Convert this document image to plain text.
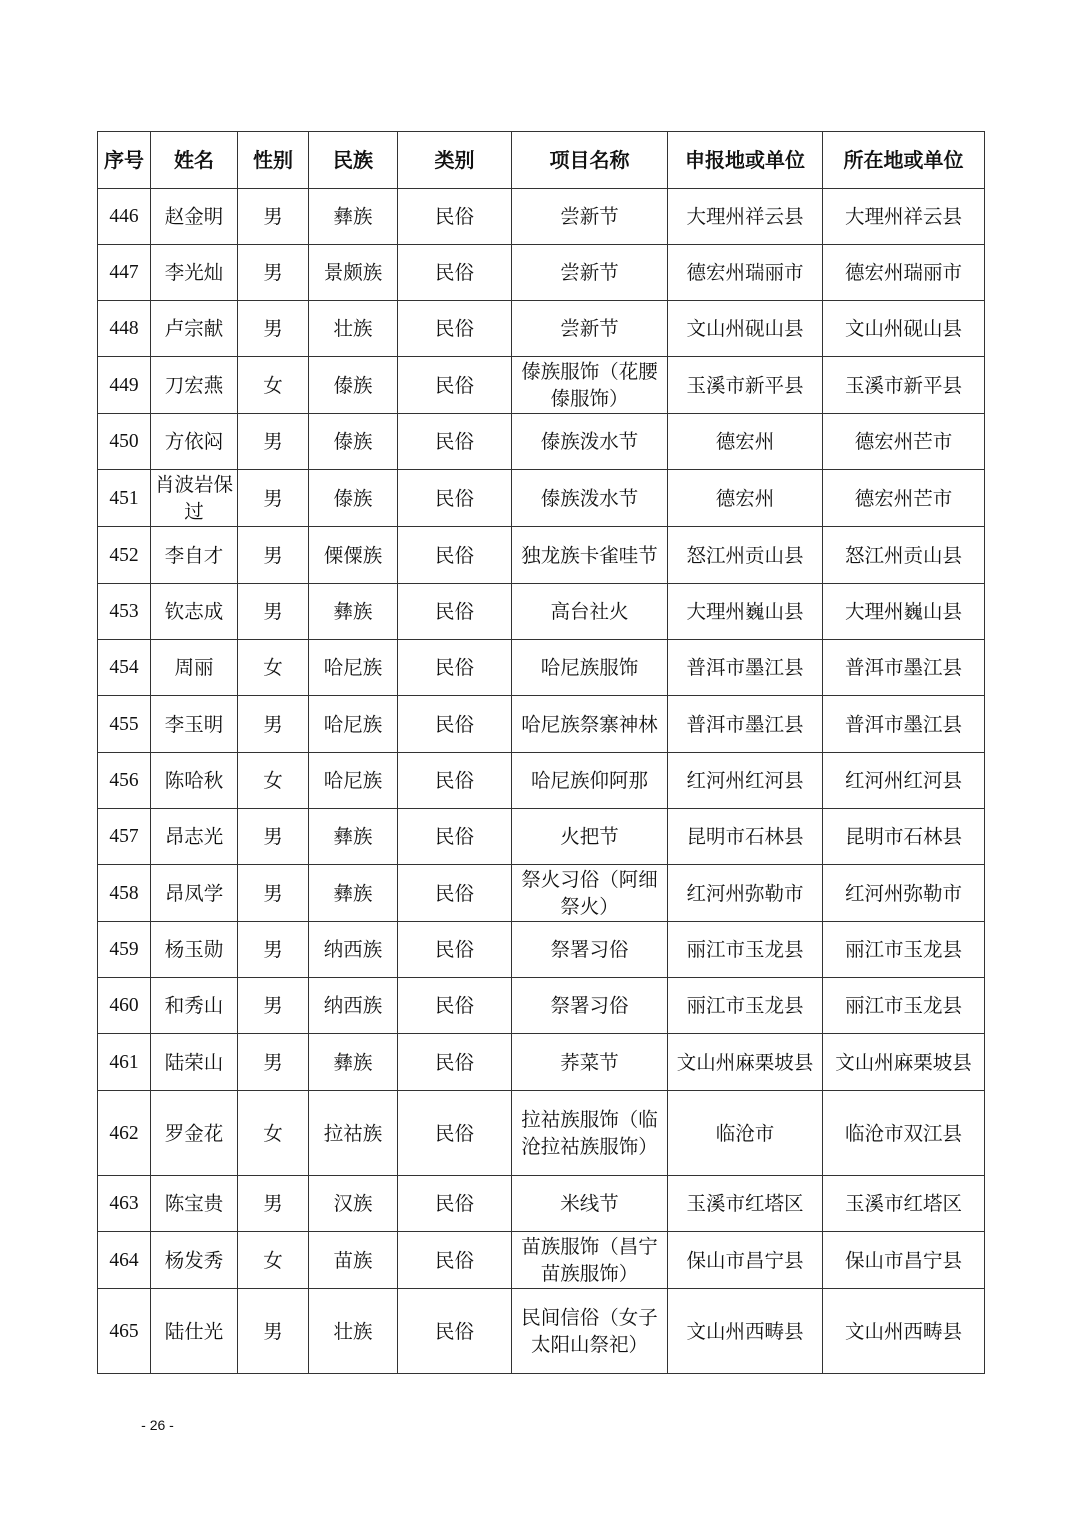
序号	姓名	性别	民族	类别	项目名称	申报地或单位	所在地或单位
446	赵金明	男	彝族	民俗	尝新节	大理州祥云县	大理州祥云县
447	李光灿	男	景颇族	民俗	尝新节	德宏州瑞丽市	德宏州瑞丽市
448	卢宗献	男	壮族	民俗	尝新节	文山州砚山县	文山州砚山县
449	刀宏燕	女	傣族	民俗	傣族服饰（花腰傣服饰）	玉溪市新平县	玉溪市新平县
450	方依闷	男	傣族	民俗	傣族泼水节	德宏州	德宏州芒市
451	肖波岩保过	男	傣族	民俗	傣族泼水节	德宏州	德宏州芒市
452	李自才	男	傈僳族	民俗	独龙族卡雀哇节	怒江州贡山县	怒江州贡山县
453	钦志成	男	彝族	民俗	高台社火	大理州巍山县	大理州巍山县
454	周丽	女	哈尼族	民俗	哈尼族服饰	普洱市墨江县	普洱市墨江县
455	李玉明	男	哈尼族	民俗	哈尼族祭寨神林	普洱市墨江县	普洱市墨江县
456	陈哈秋	女	哈尼族	民俗	哈尼族仰阿那	红河州红河县	红河州红河县
457	昂志光	男	彝族	民俗	火把节	昆明市石林县	昆明市石林县
458	昂凤学	男	彝族	民俗	祭火习俗（阿细祭火）	红河州弥勒市	红河州弥勒市
459	杨玉勋	男	纳西族	民俗	祭署习俗	丽江市玉龙县	丽江市玉龙县
460	和秀山	男	纳西族	民俗	祭署习俗	丽江市玉龙县	丽江市玉龙县
461	陆荣山	男	彝族	民俗	荞菜节	文山州麻栗坡县	文山州麻栗坡县
462	罗金花	女	拉祜族	民俗	拉祜族服饰（临沧拉祜族服饰）	临沧市	临沧市双江县
463	陈宝贵	男	汉族	民俗	米线节	玉溪市红塔区	玉溪市红塔区
464	杨发秀	女	苗族	民俗	苗族服饰（昌宁苗族服饰）	保山市昌宁县	保山市昌宁县
465	陆仕光	男	壮族	民俗	民间信俗（女子太阳山祭祀）	文山州西畴县	文山州西畴县
- 26 -
